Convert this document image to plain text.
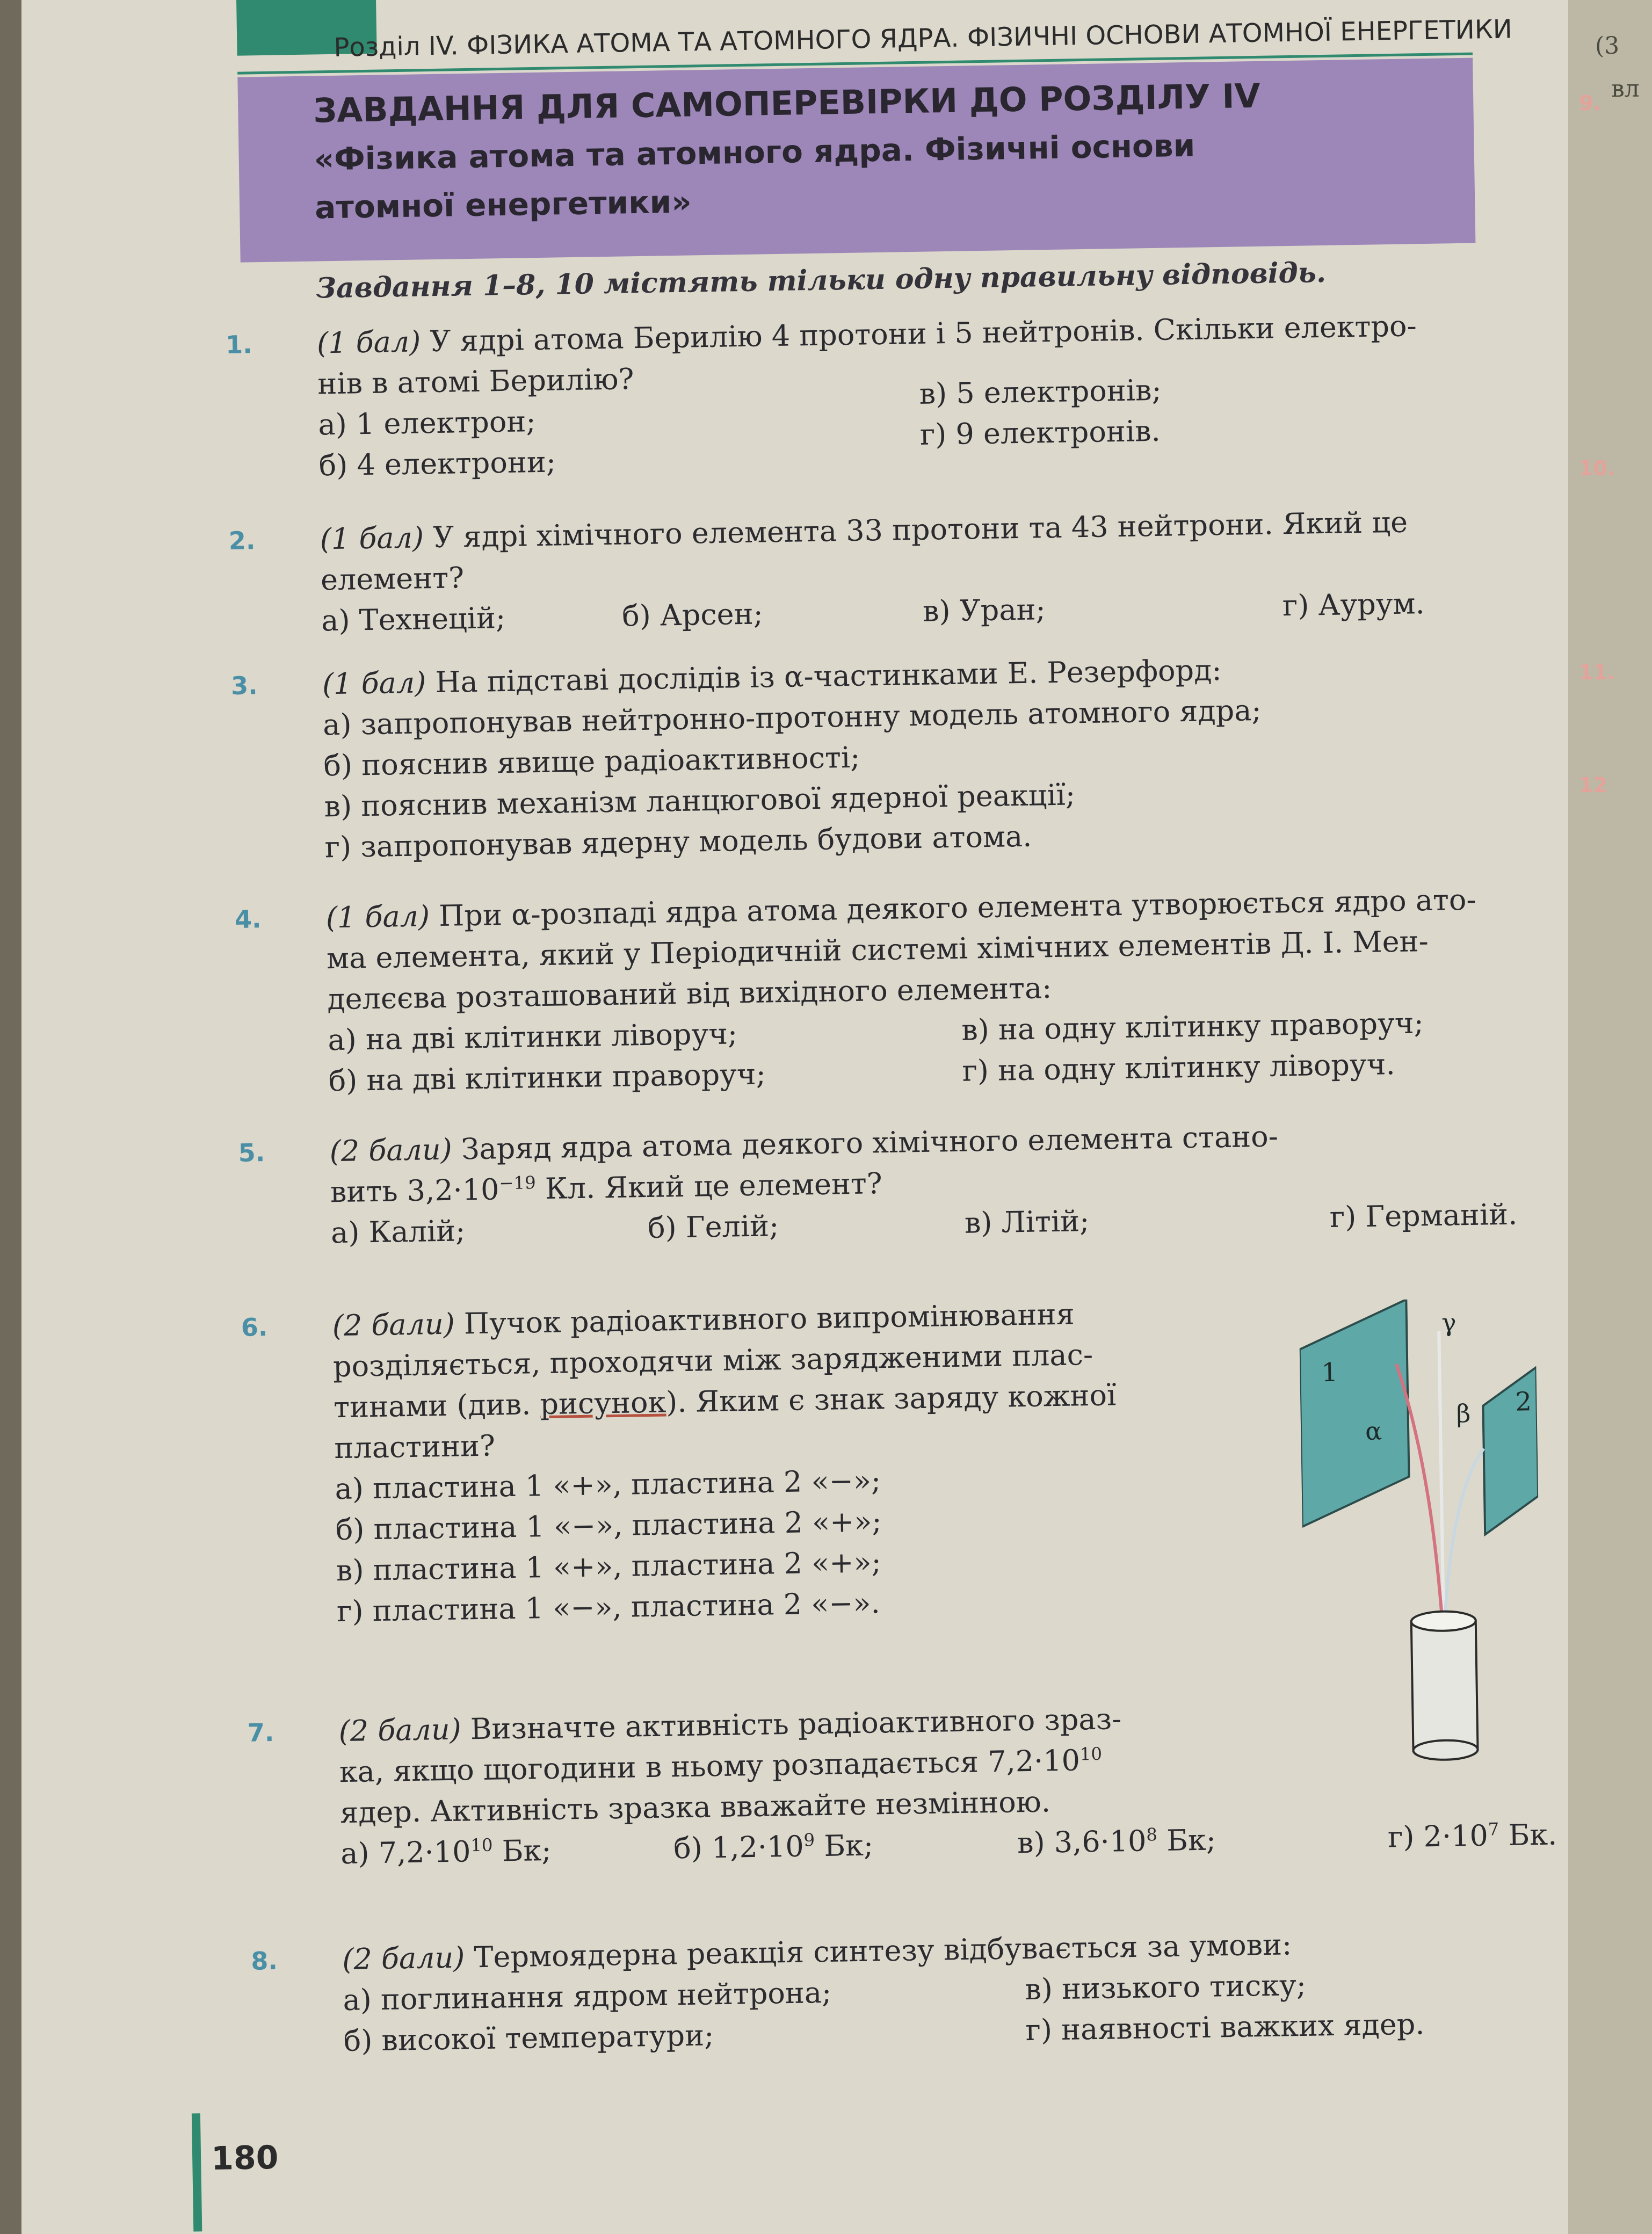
Розділ IV. ФІЗИКА АТОМА ТА АТОМНОГО ЯДРА. ФІЗИЧНІ ОСНОВИ АТОМНОЇ ЕНЕРГЕТИКИ
ЗАВДАННЯ ДЛЯ САМОПЕРЕВІРКИ ДО РОЗДІЛУ IV
«Фізика атома та атомного ядра. Фізичні основи
атомної енергетики»
Завдання 1–8, 10 містять тільки одну правильну відповідь.
1.	(1 бал) У ядрі атома Берилію 4 протони і 5 нейтронів. Скільки електро-
нів в атомі Берилію?
а) 1 електрон;
в) 5 електронів;
б) 4 електрони;
г) 9 електронів.
2.	(1 бал) У ядрі хімічного елемента 33 протони та 43 нейтрони. Який це
елемент?
а) Технецій;	б) Арсен;	в) Уран;	г) Аурум.
3.	(1 бал) На підставі дослідів із α-частинками Е. Резерфорд:
а) запропонував нейтронно-протонну модель атомного ядра;
б) пояснив явище радіоактивності;
в) пояснив механізм ланцюгової ядерної реакції;
г) запропонував ядерну модель будови атома.
4.	(1 бал) При α-розпаді ядра атома деякого елемента утворюється ядро ато-
ма елемента, який у Періодичній системі хімічних елементів Д. І. Мен-
делєєва розташований від вихідного елемента:
а) на дві клітинки ліворуч;	в) на одну клітинку праворуч;
б) на дві клітинки праворуч;	г) на одну клітинку ліворуч.
5.	(2 бали) Заряд ядра атома деякого хімічного елемента стано-
вить $3,2\cdot 10^{-19}$ Кл. Який це елемент?
а) Калій;	б) Гелій;	в) Літій;	г) Германій.
6.	(2 бали) Пучок радіоактивного випромінювання
розділяється, проходячи між зарядженими плас-
тинами (див. рисунок). Яким є знак заряду кожної
пластини?
а) пластина 1 «+», пластина 2 «−»;
б) пластина 1 «−», пластина 2 «+»;
в) пластина 1 «+», пластина 2 «+»;
г) пластина 1 «−», пластина 2 «−».
1
2
α
β
γ
7.	(2 бали) Визначте активність радіоактивного зраз-
ка, якщо щогодини в ньому розпадається $7,2\cdot 10^{10}$
ядер. Активність зразка вважайте незмінною.
а) $7,2\cdot 10^{10}$ Бк;	б) $1,2\cdot 10^9$ Бк;	в) $3,6\cdot 10^8$ Бк;	г) $2\cdot 10^7$ Бк.
8.	(2 бали) Термоядерна реакція синтезу відбувається за умови:
а) поглинання ядром нейтрона;	в) низького тиску;
б) високої температури;	г) наявності важких ядер.
180
(3
вл
9.
10.
11.
12
